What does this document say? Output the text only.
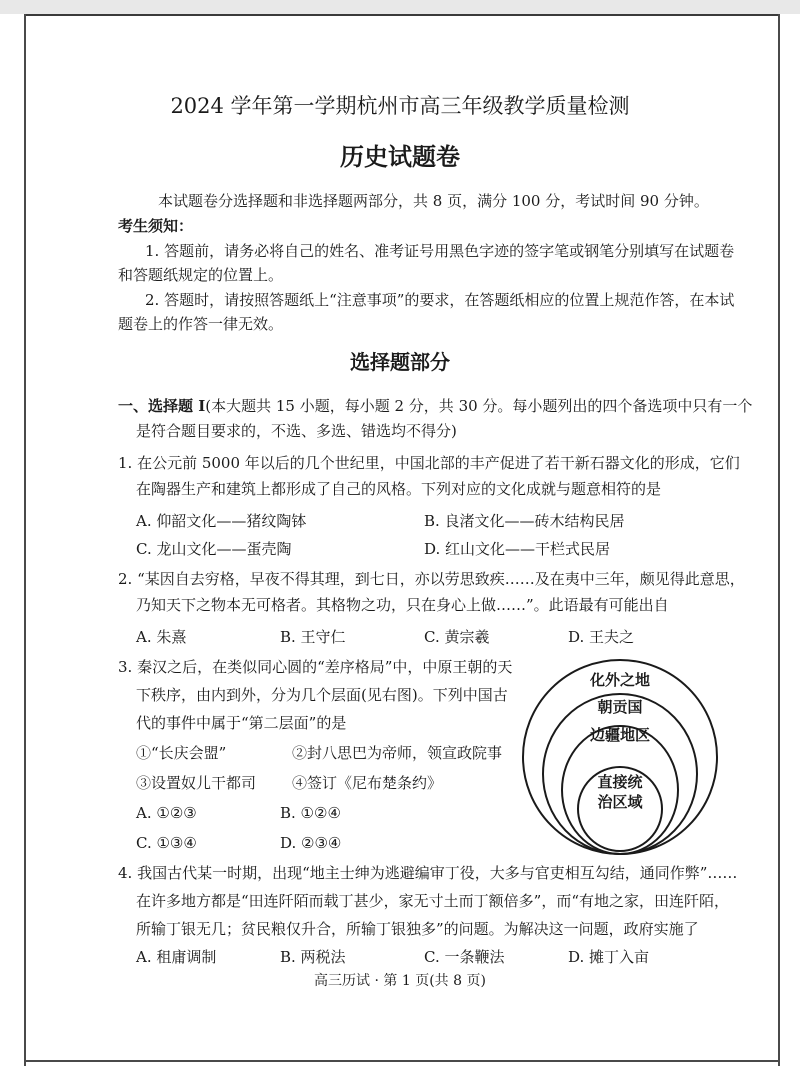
2024 学年第一学期杭州市高三年级教学质量检测
历史试题卷
本试题卷分选择题和非选择题两部分，共 8 页，满分 100 分，考试时间 90 分钟。
考生须知：
1. 答题前，请务必将自己的姓名、准考证号用黑色字迹的签字笔或钢笔分别填写在试题卷
和答题纸规定的位置上。
2. 答题时，请按照答题纸上“注意事项”的要求，在答题纸相应的位置上规范作答，在本试
题卷上的作答一律无效。
选择题部分
一、选择题 I(本大题共 15 小题，每小题 2 分，共 30 分。每小题列出的四个备选项中只有一个
是符合题目要求的，不选、多选、错选均不得分)
1. 在公元前 5000 年以后的几个世纪里，中国北部的丰产促进了若干新石器文化的形成，它们
在陶器生产和建筑上都形成了自己的风格。下列对应的文化成就与题意相符的是
A. 仰韶文化——猪纹陶钵	B. 良渚文化——砖木结构民居
C. 龙山文化——蛋壳陶	D. 红山文化——干栏式民居
2. “某因自去穷格，早夜不得其理，到七日，亦以劳思致疾……及在夷中三年，颇见得此意思，
乃知天下之物本无可格者。其格物之功，只在身心上做……”。此语最有可能出自
A. 朱熹	B. 王守仁	C. 黄宗羲	D. 王夫之
3. 秦汉之后，在类似同心圆的“差序格局”中，中原王朝的天
下秩序，由内到外，分为几个层面(见右图)。下列中国古
代的事件中属于“第二层面”的是
①“长庆会盟”	②封八思巴为帝师，领宣政院事
③设置奴儿干都司 ④签订《尼布楚条约》
A. ①②③	B. ①②④
C. ①③④	D. ②③④
化外之地
朝贡国
边疆地区
直接统
治区域
4. 我国古代某一时期，出现“地主士绅为逃避编审丁役，大多与官吏相互勾结，通同作弊”……
在许多地方都是“田连阡陌而载丁甚少，家无寸土而丁额倍多”，而“有地之家，田连阡陌，
所输丁银无几；贫民粮仅升合，所输丁银独多”的问题。为解决这一问题，政府实施了
A. 租庸调制	B. 两税法	C. 一条鞭法	D. 摊丁入亩
高三历试 · 第 1 页(共 8 页)
